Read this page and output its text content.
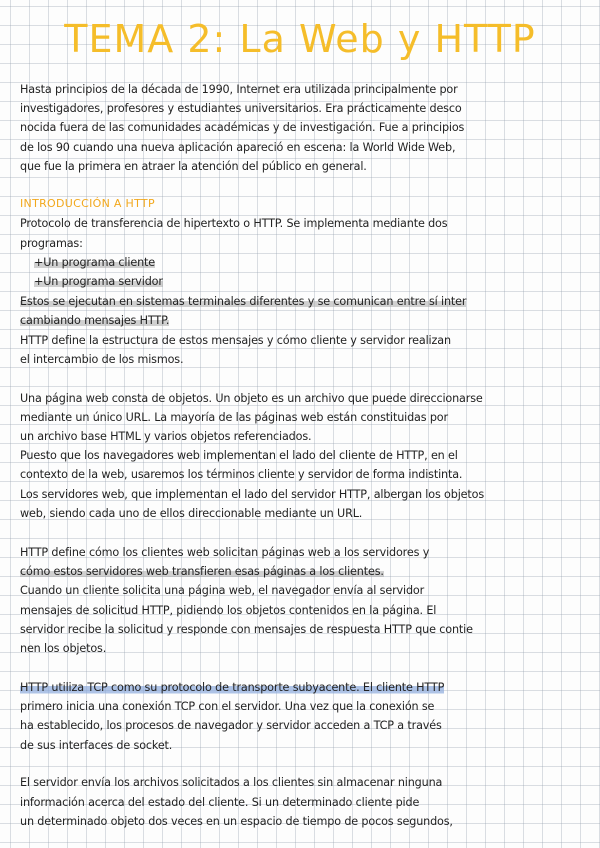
TEMA 2: La Web y HTTP
Hasta principios de la década de 1990, Internet era utilizada principalmente por
investigadores, profesores y estudiantes universitarios. Era prácticamente desco
nocida fuera de las comunidades académicas y de investigación. Fue a principios
de los 90 cuando una nueva aplicación apareció en escena: la World Wide Web,
que fue la primera en atraer la atención del público en general.
INTRODUCCIÓN A HTTP
Protocolo de transferencia de hipertexto o HTTP. Se implementa mediante dos
programas:
+Un programa cliente
+Un programa servidor
Estos se ejecutan en sistemas terminales diferentes y se comunican entre sí inter
cambiando mensajes HTTP.
HTTP define la estructura de estos mensajes y cómo cliente y servidor realizan
el intercambio de los mismos.
Una página web consta de objetos. Un objeto es un archivo que puede direccionarse
mediante un único URL. La mayoría de las páginas web están constituidas por
un archivo base HTML y varios objetos referenciados.
Puesto que los navegadores web implementan el lado del cliente de HTTP, en el
contexto de la web, usaremos los términos cliente y servidor de forma indistinta.
Los servidores web, que implementan el lado del servidor HTTP, albergan los objetos
web, siendo cada uno de ellos direccionable mediante un URL.
HTTP define cómo los clientes web solicitan páginas web a los servidores y
cómo estos servidores web transfieren esas páginas a los clientes.
Cuando un cliente solicita una página web, el navegador envía al servidor
mensajes de solicitud HTTP, pidiendo los objetos contenidos en la página. El
servidor recibe la solicitud y responde con mensajes de respuesta HTTP que contie
nen los objetos.
HTTP utiliza TCP como su protocolo de transporte subyacente. El cliente HTTP
primero inicia una conexión TCP con el servidor. Una vez que la conexión se
ha establecido, los procesos de navegador y servidor acceden a TCP a través
de sus interfaces de socket.
El servidor envía los archivos solicitados a los clientes sin almacenar ninguna
información acerca del estado del cliente. Si un determinado cliente pide
un determinado objeto dos veces en un espacio de tiempo de pocos segundos,
